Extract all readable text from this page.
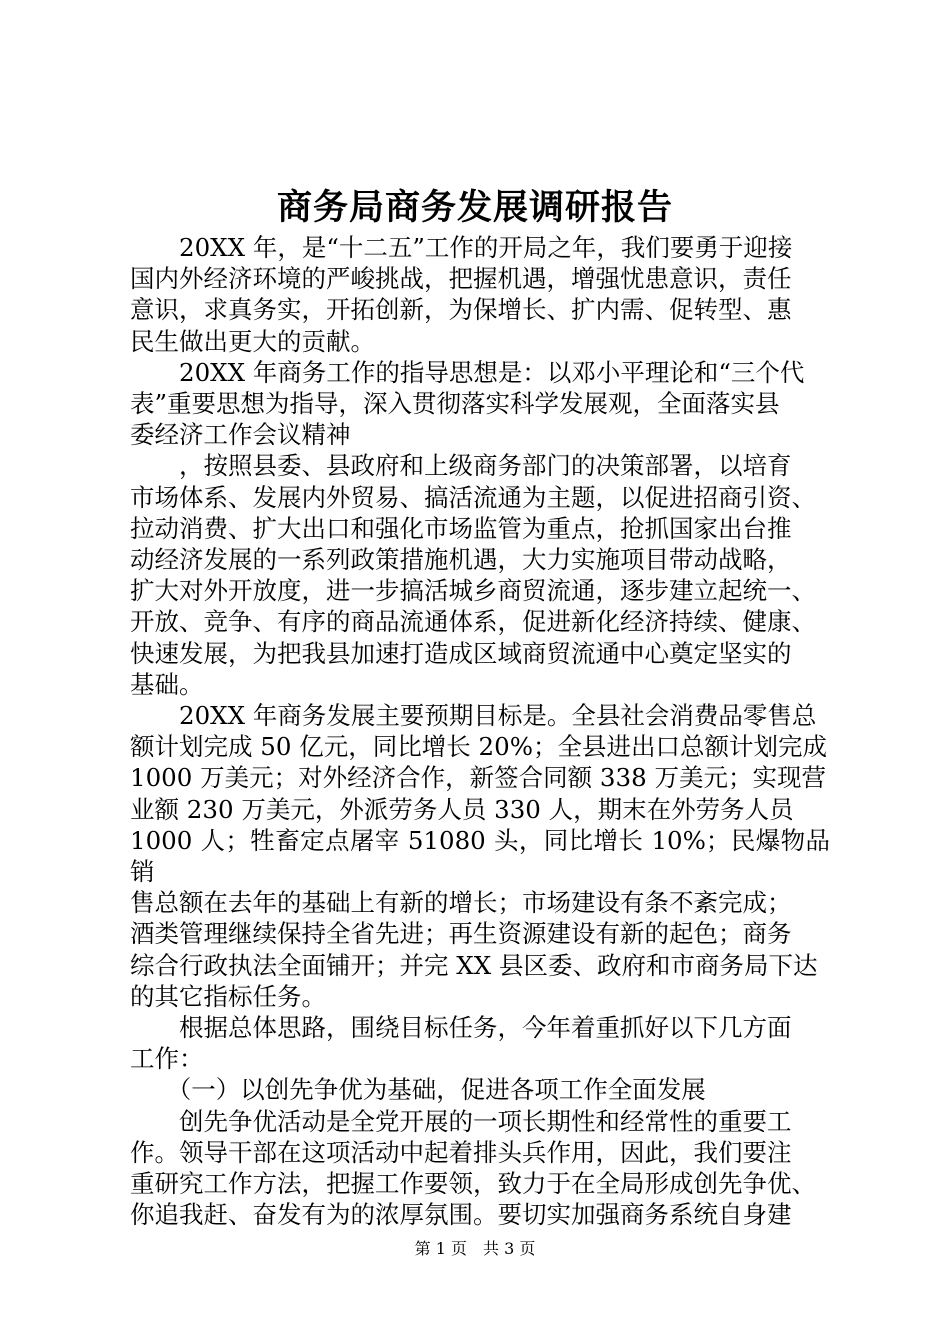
商务局商务发展调研报告

　　20XX 年，是“十二五”工作的开局之年，我们要勇于迎接

国内外经济环境的严峻挑战，把握机遇，增强忧患意识，责任

意识，求真务实，开拓创新，为保增长、扩内需、促转型、惠

民生做出更大的贡献。

　　20XX 年商务工作的指导思想是：以邓小平理论和“三个代

表”重要思想为指导，深入贯彻落实科学发展观，全面落实县

委经济工作会议精神

　　，按照县委、县政府和上级商务部门的决策部署，以培育

市场体系、发展内外贸易、搞活流通为主题，以促进招商引资、

拉动消费、扩大出口和强化市场监管为重点，抢抓国家出台推

动经济发展的一系列政策措施机遇，大力实施项目带动战略，

扩大对外开放度，进一步搞活城乡商贸流通，逐步建立起统一、

开放、竞争、有序的商品流通体系，促进新化经济持续、健康、

快速发展，为把我县加速打造成区域商贸流通中心奠定坚实的

基础。

　　20XX 年商务发展主要预期目标是。全县社会消费品零售总

额计划完成 50 亿元，同比增长 20%；全县进出口总额计划完成

1000 万美元；对外经济合作，新签合同额 338 万美元；实现营

业额 230 万美元，外派劳务人员 330 人，期末在外劳务人员

1000 人；牲畜定点屠宰 51080 头，同比增长 10%；民爆物品销

售总额在去年的基础上有新的增长；市场建设有条不紊完成；

酒类管理继续保持全省先进；再生资源建设有新的起色；商务

综合行政执法全面铺开；并完 XX 县区委、政府和市商务局下达

的其它指标任务。

　　根据总体思路，围绕目标任务，今年着重抓好以下几方面

工作：

　　（一）以创先争优为基础，促进各项工作全面发展

　　创先争优活动是全党开展的一项长期性和经常性的重要工

作。领导干部在这项活动中起着排头兵作用，因此，我们要注

重研究工作方法，把握工作要领，致力于在全局形成创先争优、

你追我赶、奋发有为的浓厚氛围。要切实加强商务系统自身建

第 1 页　共 3 页
